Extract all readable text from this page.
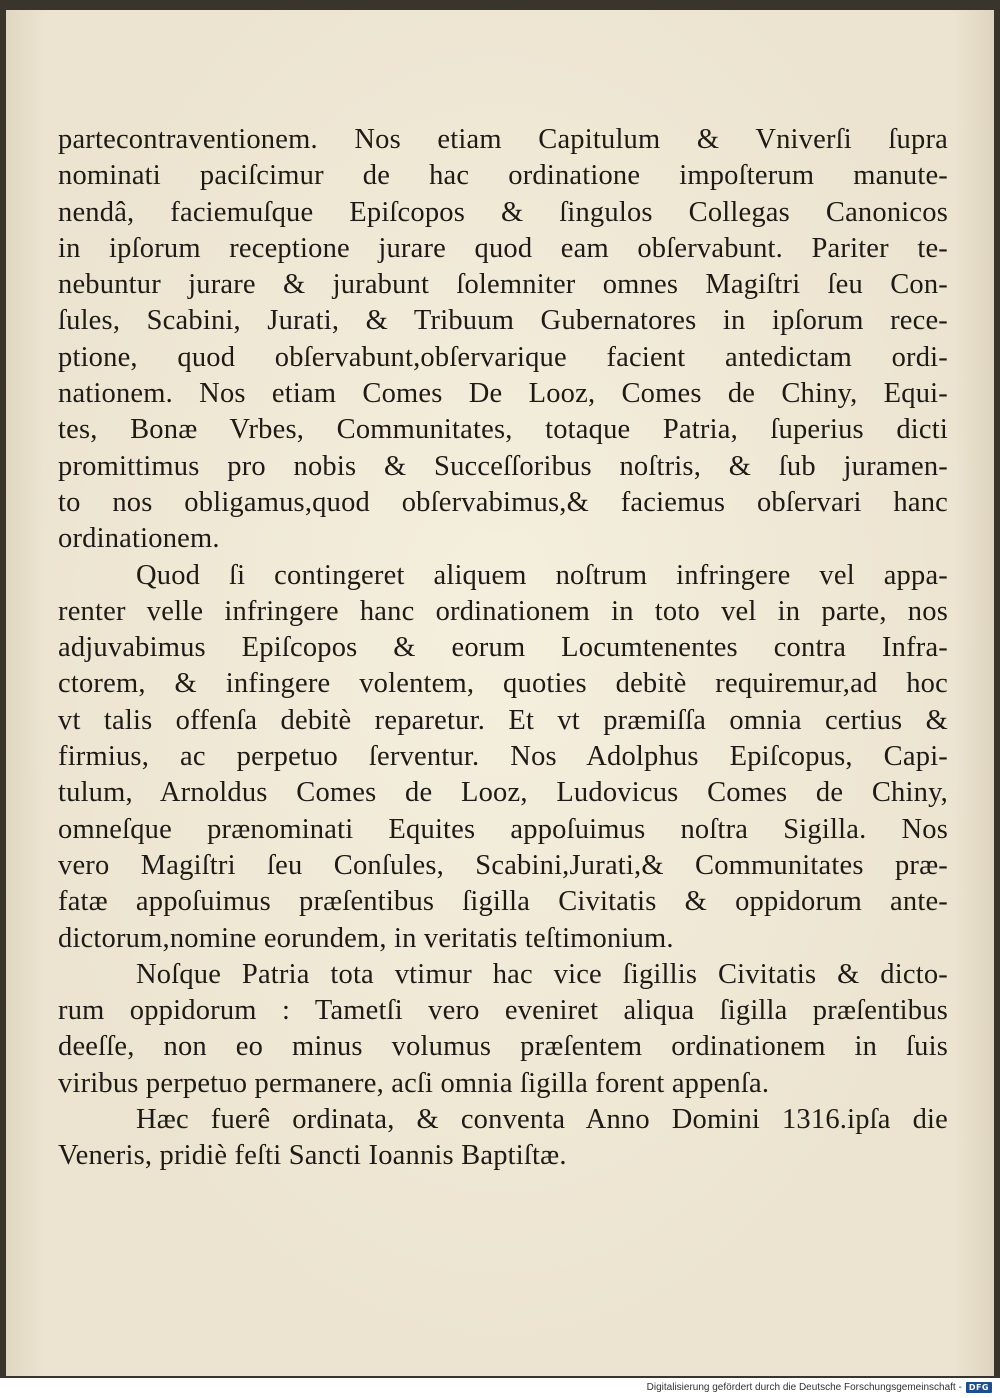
partecontraventionem. Nos etiam Capitulum & Vniverſi ſupra
nominati paciſcimur de hac ordinatione impoſterum manute-
nendâ, faciemuſque Epiſcopos & ſingulos Collegas Canonicos
in ipſorum receptione jurare quod eam obſervabunt. Pariter te-
nebuntur jurare & jurabunt ſolemniter omnes Magiſtri ſeu Con-
ſules, Scabini, Jurati, & Tribuum Gubernatores in ipſorum rece-
ptione, quod obſervabunt,obſervarique facient antedictam ordi-
nationem. Nos etiam Comes De Looz, Comes de Chiny, Equi-
tes, Bonæ Vrbes, Communitates, totaque Patria, ſuperius dicti
promittimus pro nobis & Succeſſoribus noſtris, & ſub juramen-
to nos obligamus,quod obſervabimus,& faciemus obſervari hanc
ordinationem.
Quod ſi contingeret aliquem noſtrum infringere vel appa-
renter velle infringere hanc ordinationem in toto vel in parte, nos
adjuvabimus Epiſcopos & eorum Locumtenentes contra Infra-
ctorem, & infingere volentem, quoties debitè requiremur,ad hoc
vt talis offenſa debitè reparetur. Et vt præmiſſa omnia certius &
firmius, ac perpetuo ſerventur. Nos Adolphus Epiſcopus, Capi-
tulum, Arnoldus Comes de Looz, Ludovicus Comes de Chiny,
omneſque prænominati Equites appoſuimus noſtra Sigilla. Nos
vero Magiſtri ſeu Conſules, Scabini,Jurati,& Communitates præ-
fatæ appoſuimus præſentibus ſigilla Civitatis & oppidorum ante-
dictorum,nomine eorundem, in veritatis teſtimonium.
Noſque Patria tota vtimur hac vice ſigillis Civitatis & dicto-
rum oppidorum : Tametſi vero eveniret aliqua ſigilla præſentibus
deeſſe, non eo minus volumus præſentem ordinationem in ſuis
viribus perpetuo permanere, acſi omnia ſigilla forent appenſa.
Hæc fuerê ordinata, & conventa Anno Domini 1316.ipſa die
Veneris, pridiè feſti Sancti Ioannis Baptiſtæ.
Digitalisierung gefördert durch die Deutsche Forschungsgemeinschaft - DFG
